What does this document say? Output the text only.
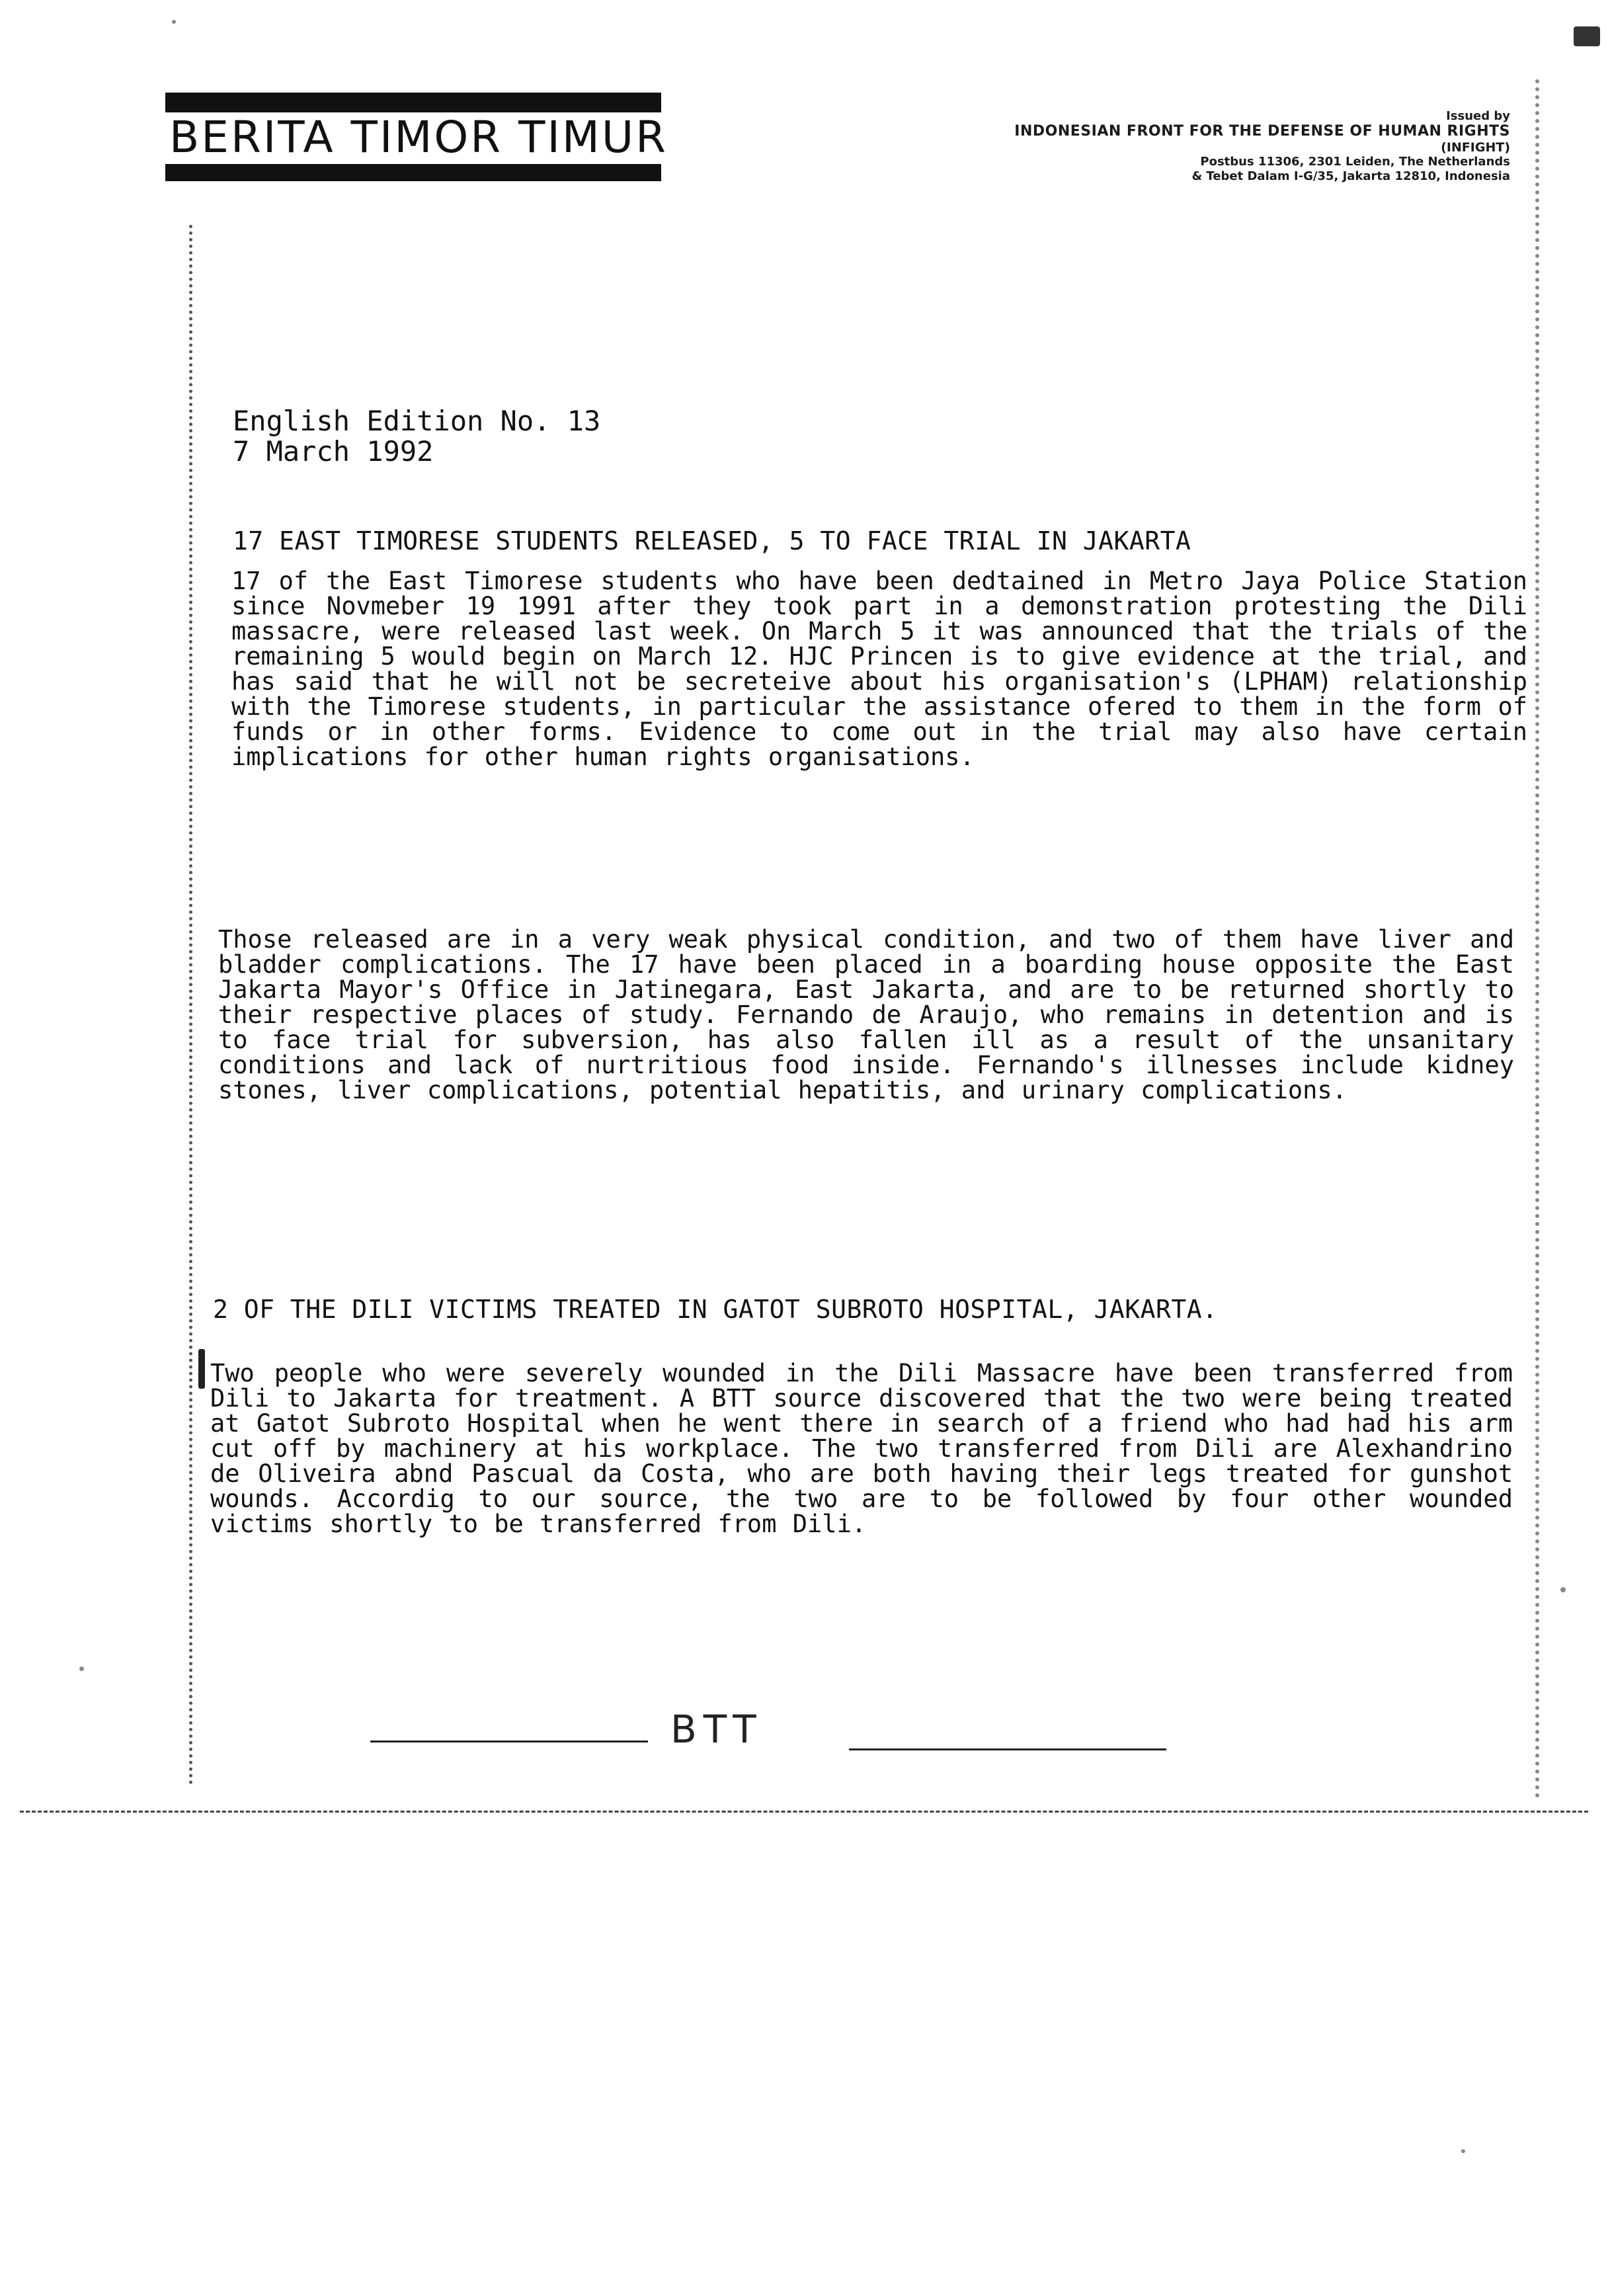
BERITA TIMOR TIMUR	Issued by
INDONESIAN FRONT FOR THE DEFENSE OF HUMAN RIGHTS
(INFIGHT)
Postbus 11306, 2301 Leiden, The Netherlands
& Tebet Dalam I-G/35, Jakarta 12810, Indonesia
English Edition No. 13
7 March 1992
17 EAST TIMORESE STUDENTS RELEASED, 5 TO FACE TRIAL IN JAKARTA
17 of the East Timorese students who have been dedtained in Metro Jaya Police Station since Novmeber 19 1991 after they took part in a demonstration protesting the Dili massacre, were released last week. On March 5 it was announced that the trials of the remaining 5 would begin on March 12. HJC Princen is to give evidence at the trial, and has said that he will not be secreteive about his organisation's (LPHAM) relationship with the Timorese students, in particular the assistance ofered to them in the form of funds or in other forms. Evidence to come out in the trial may also have certain implications for other human rights organisations.
Those released are in a very weak physical condition, and two of them have liver and bladder complications. The 17 have been placed in a boarding house opposite the East Jakarta Mayor's Office in Jatinegara, East Jakarta, and are to be returned shortly to their respective places of study. Fernando de Araujo, who remains in detention and is to face trial for subversion, has also fallen ill as a result of the unsanitary conditions and lack of nurtritious food inside. Fernando's illnesses include kidney stones, liver complications, potential hepatitis, and urinary complications.
2 OF THE DILI VICTIMS TREATED IN GATOT SUBROTO HOSPITAL, JAKARTA.
Two people who were severely wounded in the Dili Massacre have been transferred from Dili to Jakarta for treatment. A BTT source discovered that the two were being treated at Gatot Subroto Hospital when he went there in search of a friend who had had his arm cut off by machinery at his workplace. The two transferred from Dili are Alexhandrino de Oliveira abnd Pascual da Costa, who are both having their legs treated for gunshot wounds. Accordig to our source, the two are to be followed by four other wounded victims shortly to be transferred from Dili.
BTT
